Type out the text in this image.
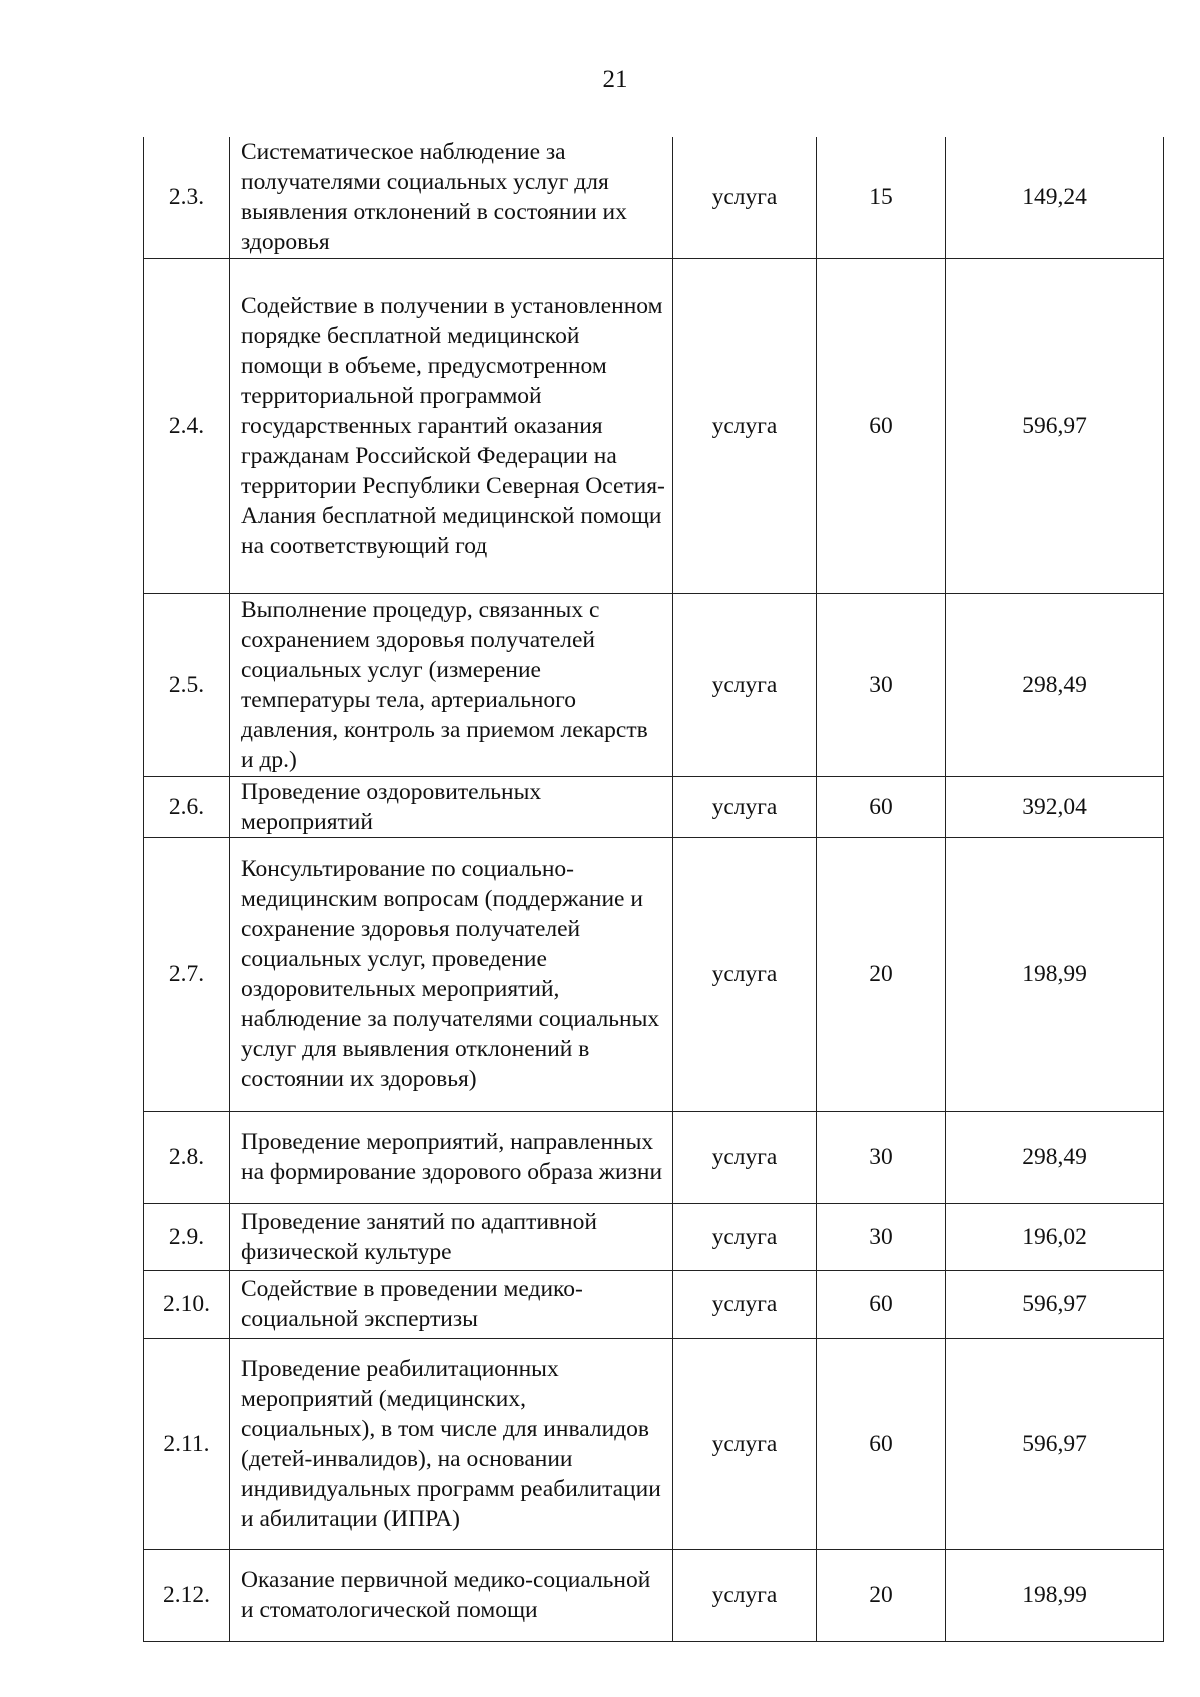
21
2.3.	Систематическое наблюдение за получателями социальных услуг для выявления отклонений в состоянии их здоровья	услуга	15	149,24
2.4.	Содействие в получении в установленном порядке бесплатной медицинской помощи в объеме, предусмотренном территориальной программой государственных гарантий оказания гражданам Российской Федерации на территории Республики Северная Осетия-Алания бесплатной медицинской помощи на соответствующий год	услуга	60	596,97
2.5.	Выполнение процедур, связанных с сохранением здоровья получателей социальных услуг (измерение температуры тела, артериального давления, контроль за приемом лекарств и др.)	услуга	30	298,49
2.6.	Проведение оздоровительных мероприятий	услуга	60	392,04
2.7.	Консультирование по социально-медицинским вопросам (поддержание и сохранение здоровья получателей социальных услуг, проведение оздоровительных мероприятий, наблюдение за получателями социальных услуг для выявления отклонений в состоянии их здоровья)	услуга	20	198,99
2.8.	Проведение мероприятий, направленных на формирование здорового образа жизни	услуга	30	298,49
2.9.	Проведение занятий по адаптивной физической культуре	услуга	30	196,02
2.10.	Содействие в проведении медико-социальной экспертизы	услуга	60	596,97
2.11.	Проведение реабилитационных мероприятий (медицинских, социальных), в том числе для инвалидов (детей-инвалидов), на основании индивидуальных программ реабилитации и абилитации (ИПРА)	услуга	60	596,97
2.12.	Оказание первичной медико-социальной и стоматологической помощи	услуга	20	198,99
